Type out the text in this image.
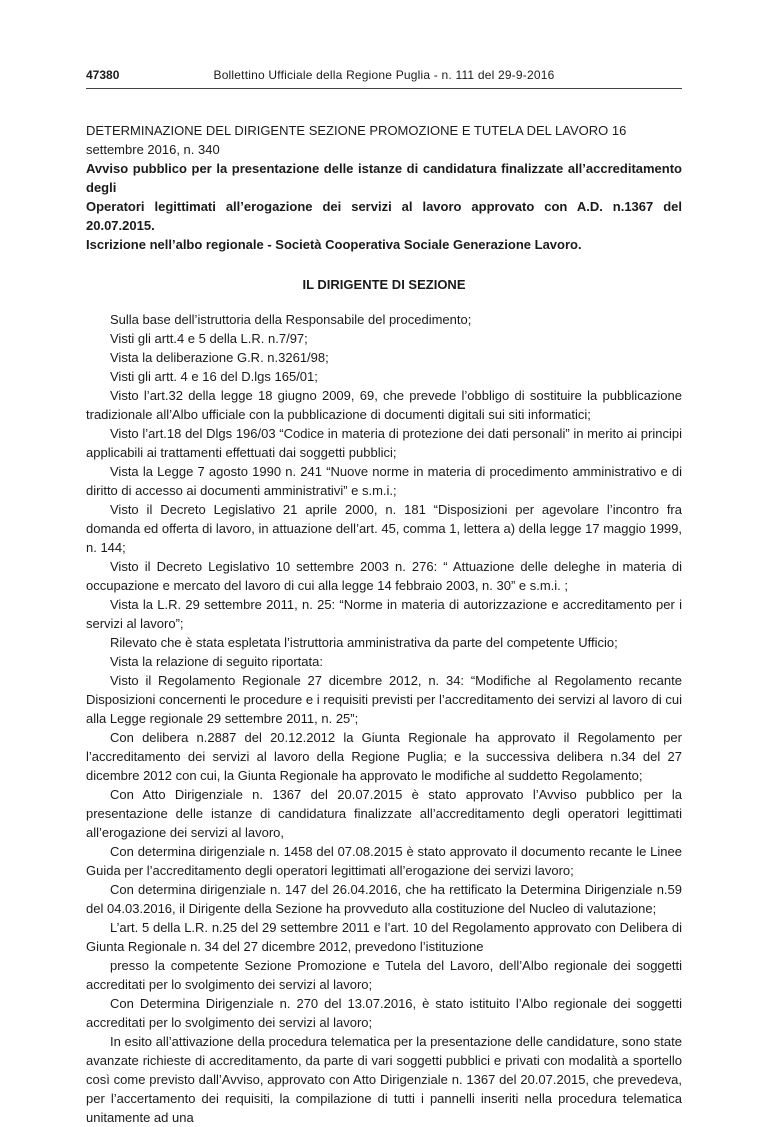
47380	Bollettino Ufficiale della Regione Puglia - n. 111 del 29-9-2016

DETERMINAZIONE DEL DIRIGENTE SEZIONE PROMOZIONE E TUTELA DEL LAVORO 16 settembre 2016, n. 340

Avviso pubblico per la presentazione delle istanze di candidatura finalizzate all’accreditamento degli
Operatori legittimati all’erogazione dei servizi al lavoro approvato con A.D. n.1367 del 20.07.2015.
Iscrizione nell’albo regionale - Società Cooperativa Sociale Generazione Lavoro.

IL DIRIGENTE DI SEZIONE

Sulla base dell’istruttoria della Responsabile del procedimento;

Visti gli artt.4 e 5 della L.R. n.7/97;

Vista la deliberazione G.R. n.3261/98;

Visti gli artt. 4 e 16 del D.lgs 165/01;

Visto l’art.32 della legge 18 giugno 2009, 69, che prevede l’obbligo di sostituire la pubblicazione tradizionale all’Albo ufficiale con la pubblicazione di documenti digitali sui siti informatici;

Visto l’art.18 del Dlgs 196/03 “Codice in materia di protezione dei dati personali” in merito ai principi applicabili ai trattamenti effettuati dai soggetti pubblici;

Vista la Legge 7 agosto 1990 n. 241 “Nuove norme in materia di procedimento amministrativo e di diritto di accesso ai documenti amministrativi” e s.m.i.;

Visto il Decreto Legislativo 21 aprile 2000, n. 181 “Disposizioni per agevolare l’incontro fra domanda ed offerta di lavoro, in attuazione dell’art. 45, comma 1, lettera a) della legge 17 maggio 1999, n. 144;

Visto il Decreto Legislativo 10 settembre 2003 n. 276: “ Attuazione delle deleghe in materia di occupazione e mercato del lavoro di cui alla legge 14 febbraio 2003, n. 30” e s.m.i. ;

Vista la L.R. 29 settembre 2011, n. 25: “Norme in materia di autorizzazione e accreditamento per i servizi al lavoro”;

Rilevato che è stata espletata l’istruttoria amministrativa da parte del competente Ufficio;

Vista la relazione di seguito riportata:

Visto il Regolamento Regionale 27 dicembre 2012, n. 34: “Modifiche al Regolamento recante Disposizioni concernenti le procedure e i requisiti previsti per l’accreditamento dei servizi al lavoro di cui alla Legge regionale 29 settembre 2011, n. 25”;

Con delibera n.2887 del 20.12.2012 la Giunta Regionale ha approvato il Regolamento per l’accreditamento dei servizi al lavoro della Regione Puglia; e la successiva delibera n.34 del 27 dicembre 2012 con cui, la Giunta Regionale ha approvato le modifiche al suddetto Regolamento;

Con Atto Dirigenziale n. 1367 del 20.07.2015 è stato approvato l’Avviso pubblico per la presentazione delle istanze di candidatura finalizzate all’accreditamento degli operatori legittimati all’erogazione dei servizi al lavoro,

Con determina dirigenziale n. 1458 del 07.08.2015 è stato approvato il documento recante le Linee Guida per l’accreditamento degli operatori legittimati all’erogazione dei servizi lavoro;

Con determina dirigenziale n. 147 del 26.04.2016, che ha rettificato la Determina Dirigenziale n.59 del 04.03.2016, il Dirigente della Sezione ha provveduto alla costituzione del Nucleo di valutazione;

L’art. 5 della L.R. n.25 del 29 settembre 2011 e l’art. 10 del Regolamento approvato con Delibera di Giunta Regionale n. 34 del 27 dicembre 2012, prevedono l’istituzione

presso la competente Sezione Promozione e Tutela del Lavoro, dell’Albo regionale dei soggetti accreditati per lo svolgimento dei servizi al lavoro;

Con Determina Dirigenziale n. 270 del 13.07.2016, è stato istituito l’Albo regionale dei soggetti accreditati per lo svolgimento dei servizi al lavoro;

In esito all’attivazione della procedura telematica per la presentazione delle candidature, sono state avanzate richieste di accreditamento, da parte di vari soggetti pubblici e privati con modalità a sportello così come previsto dall’Avviso, approvato con Atto Dirigenziale n. 1367 del 20.07.2015, che prevedeva, per l’accertamento dei requisiti, la compilazione di tutti i pannelli inseriti nella procedura telematica unitamente ad una
